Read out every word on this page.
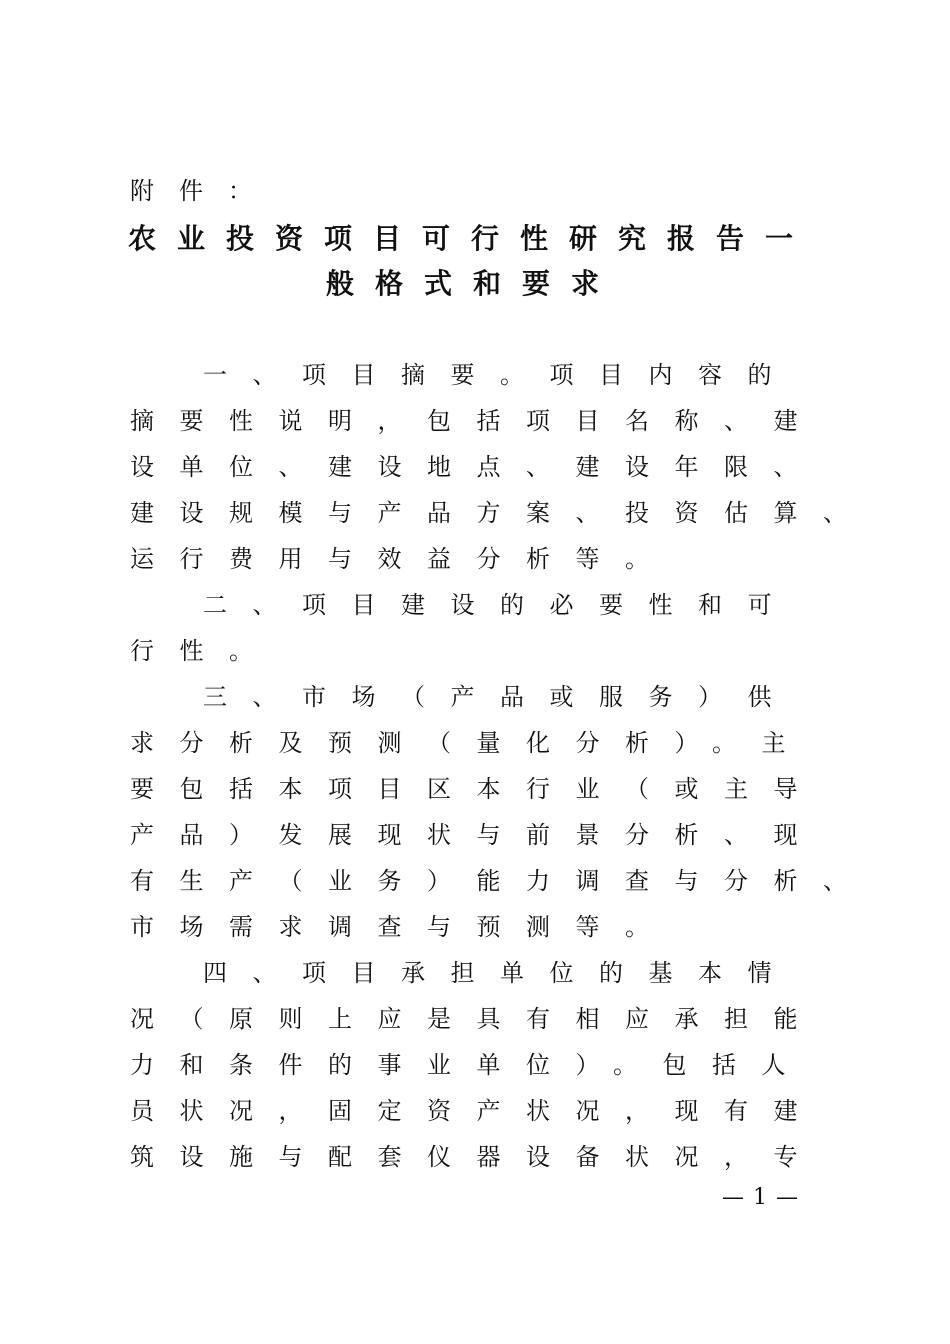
附件：
农业投资项目可行性研究报告一
般格式和要求
一、项目摘要。项目内容的
摘要性说明，包括项目名称、建
设单位、建设地点、建设年限、
建设规模与产品方案、投资估算、
运行费用与效益分析等。
二、项目建设的必要性和可
行性。
三、市场（产品或服务）供
求分析及预测（量化分析）。主
要包括本项目区本行业（或主导
产品）发展现状与前景分析、现
有生产（业务）能力调查与分析、
市场需求调查与预测等。
四、项目承担单位的基本情
况（原则上应是具有相应承担能
力和条件的事业单位）。包括人
员状况，固定资产状况，现有建
筑设施与配套仪器设备状况，专
— 1 —
